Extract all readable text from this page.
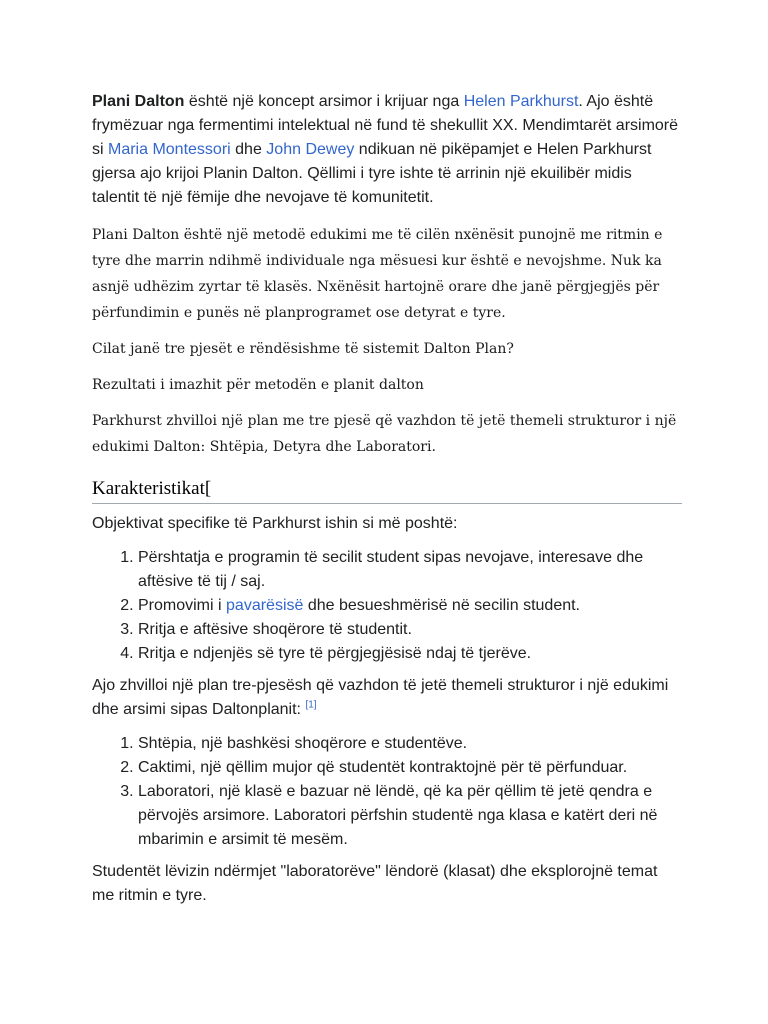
Plani Dalton është një koncept arsimor i krijuar nga Helen Parkhurst. Ajo është frymëzuar nga fermentimi intelektual në fund të shekullit XX. Mendimtarët arsimorë si Maria Montessori dhe John Dewey ndikuan në pikëpamjet e Helen Parkhurst gjersa ajo krijoi Planin Dalton. Qëllimi i tyre ishte të arrinin një ekuilibër midis talentit të një fëmije dhe nevojave të komunitetit.

Plani Dalton është një metodë edukimi me të cilën nxënësit punojnë me ritmin e tyre dhe marrin ndihmë individuale nga mësuesi kur është e nevojshme. Nuk ka asnjë udhëzim zyrtar të klasës. Nxënësit hartojnë orare dhe janë përgjegjës për përfundimin e punës në planprogramet ose detyrat e tyre.

Cilat janë tre pjesët e rëndësishme të sistemit Dalton Plan?

Rezultati i imazhit për metodën e planit dalton

Parkhurst zhvilloi një plan me tre pjesë që vazhdon të jetë themeli strukturor i një edukimi Dalton: Shtëpia, Detyra dhe Laboratori.

Karakteristikat[

Objektivat specifike të Parkhurst ishin si më poshtë:

1. Përshtatja e programin të secilit student sipas nevojave, interesave dhe aftësive të tij / saj.
2. Promovimi i pavarësisë dhe besueshmërisë në secilin student.
3. Rritja e aftësive shoqërore të studentit.
4. Rritja e ndjenjës së tyre të përgjegjësisë ndaj të tjerëve.

Ajo zhvilloi një plan tre-pjesësh që vazhdon të jetë themeli strukturor i një edukimi dhe arsimi sipas Daltonplanit: [1]

1. Shtëpia, një bashkësi shoqërore e studentëve.
2. Caktimi, një qëllim mujor që studentët kontraktojnë për të përfunduar.
3. Laboratori, një klasë e bazuar në lëndë, që ka për qëllim të jetë qendra e përvojës arsimore. Laboratori përfshin studentë nga klasa e katërt deri në mbarimin e arsimit të mesëm.

Studentët lëvizin ndërmjet "laboratorëve" lëndorë (klasat) dhe eksplorojnë temat me ritmin e tyre.
